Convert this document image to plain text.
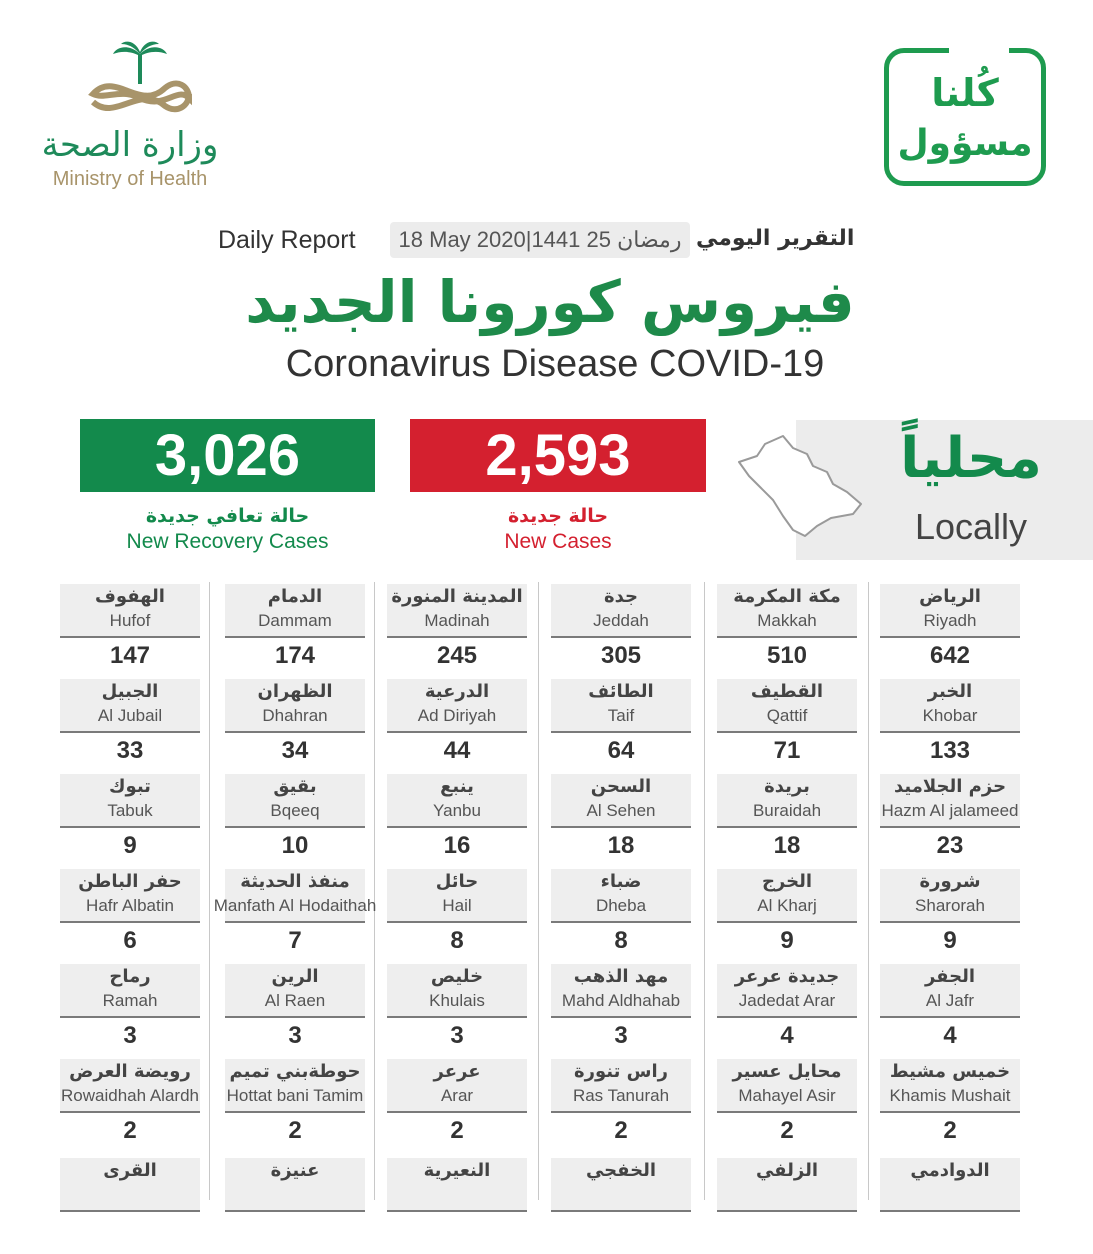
وزارة الصحة
Ministry of Health
كُلنا
مسؤول
Daily Report	18 May 2020|1441 رمضان 25 التقرير اليومي
فيروس كورونا الجديد
Coronavirus Disease COVID-19
3,026
حالة تعافي جديدة
New Recovery Cases
2,593
حالة جديدة
New Cases
محلياً
Locally
الرياض
Riyadh
642
الخبر
Khobar
133
حزم الجلاميد
Hazm Al jalameed
23
شرورة
Sharorah
9
الجفر
Al Jafr
4
خميس مشيط
Khamis Mushait
2
الدوادمي
مكة المكرمة
Makkah
510
القطيف
Qattif
71
بريدة
Buraidah
18
الخرج
Al Kharj
9
جديدة عرعر
Jadedat Arar
4
محايل عسير
Mahayel Asir
2
الزلفي
جدة
Jeddah
305
الطائف
Taif
64
السحن
Al Sehen
18
ضباء
Dheba
8
مهد الذهب
Mahd Aldhahab
3
راس تنورة
Ras Tanurah
2
الخفجي
المدينة المنورة
Madinah
245
الدرعية
Ad Diriyah
44
ينبع
Yanbu
16
حائل
Hail
8
خليص
Khulais
3
عرعر
Arar
2
النعيرية
الدمام
Dammam
174
الظهران
Dhahran
34
بقيق
Bqeeq
10
منفذ الحديثة
Manfath Al Hodaithah
7
الرين
Al Raen
3
حوطةبني تميم
Hottat bani Tamim
2
عنيزة
الهفوف
Hufof
147
الجبيل
Al Jubail
33
تبوك
Tabuk
9
حفر الباطن
Hafr Albatin
6
رماح
Ramah
3
رويضة العرض
Rowaidhah Alardh
2
القرى
